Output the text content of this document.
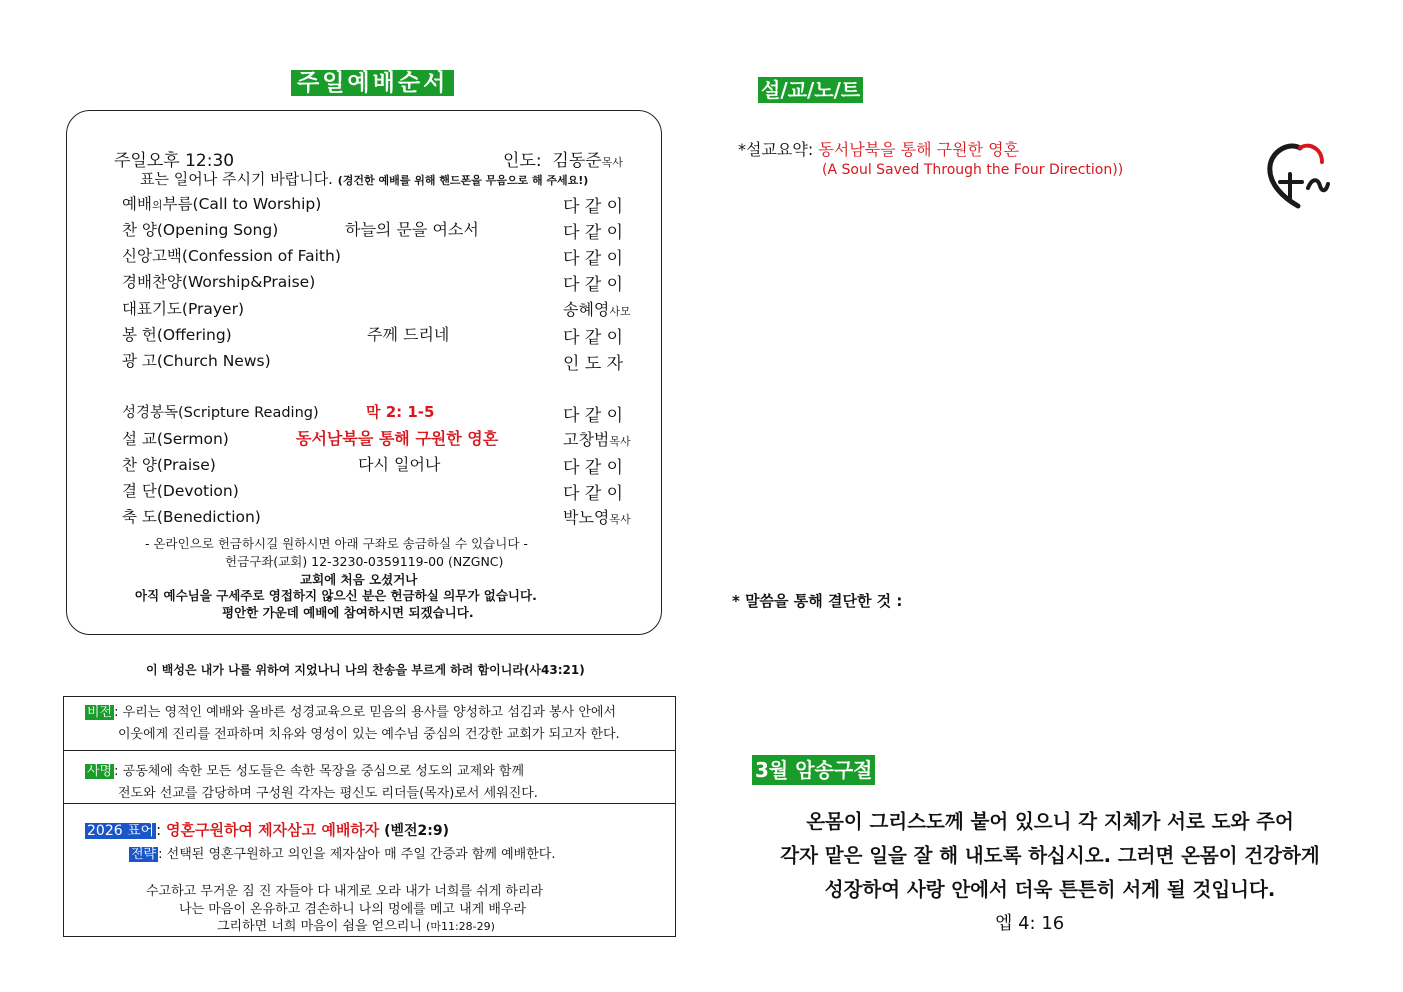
주일예배순서
주일오후 12:30	인도: 김동준목사
표는 일어나 주시기 바랍니다. (경건한 예배를 위해 핸드폰을 무음으로 해 주세요!)
예배의부름(Call to Worship)	다 같 이
찬 양(Opening Song)	하늘의 문을 여소서	다 같 이
신앙고백(Confession of Faith)	다 같 이
경배찬양(Worship&Praise)	다 같 이
대표기도(Prayer)	송혜영사모
봉 헌(Offering)	주께 드리네	다 같 이
광 고(Church News)	인 도 자
성경봉독(Scripture Reading)	막 2: 1-5	다 같 이
설 교(Sermon)	동서남북을 통해 구원한 영혼	고창범목사
찬 양(Praise)	다시 일어나	다 같 이
결 단(Devotion)	다 같 이
축 도(Benediction)	박노영목사
- 온라인으로 헌금하시길 원하시면 아래 구좌로 송금하실 수 있습니다 -
헌금구좌(교회) 12-3230-0359119-00 (NZGNC)
교회에 처음 오셨거나
아직 예수님을 구세주로 영접하지 않으신 분은 헌금하실 의무가 없습니다.
평안한 가운데 예배에 참여하시면 되겠습니다.
이 백성은 내가 나를 위하여 지었나니 나의 찬송을 부르게 하려 함이니라(사43:21)
비전 : 우리는 영적인 예배와 올바른 성경교육으로 믿음의 용사를 양성하고 섬김과 봉사 안에서
이웃에게 진리를 전파하며 치유와 영성이 있는 예수님 중심의 건강한 교회가 되고자 한다.
사명 : 공동체에 속한 모든 성도들은 속한 목장을 중심으로 성도의 교제와 함께
전도와 선교를 감당하며 구성원 각자는 평신도 리더들(목자)로서 세워진다.
2026 표어 : 영혼구원하여 제자삼고 예배하자 (벧전2:9)
전략 : 선택된 영혼구원하고 의인을 제자삼아 매 주일 간증과 함께 예배한다.
수고하고 무거운 짐 진 자들아 다 내게로 오라 내가 너희를 쉬게 하리라
나는 마음이 온유하고 겸손하니 나의 멍에를 메고 내게 배우라
그리하면 너희 마음이 쉼을 얻으리니 (마11:28-29)
설/교/노/트
*설교요약: 동서남북을 통해 구원한 영혼
(A Soul Saved Through the Four Direction))
* 말씀을 통해 결단한 것 :
3월 암송구절
온몸이 그리스도께 붙어 있으니 각 지체가 서로 도와 주어
각자 맡은 일을 잘 해 내도록 하십시오. 그러면 온몸이 건강하게
성장하여 사랑 안에서 더욱 튼튼히 서게 될 것입니다.
엡 4: 16
